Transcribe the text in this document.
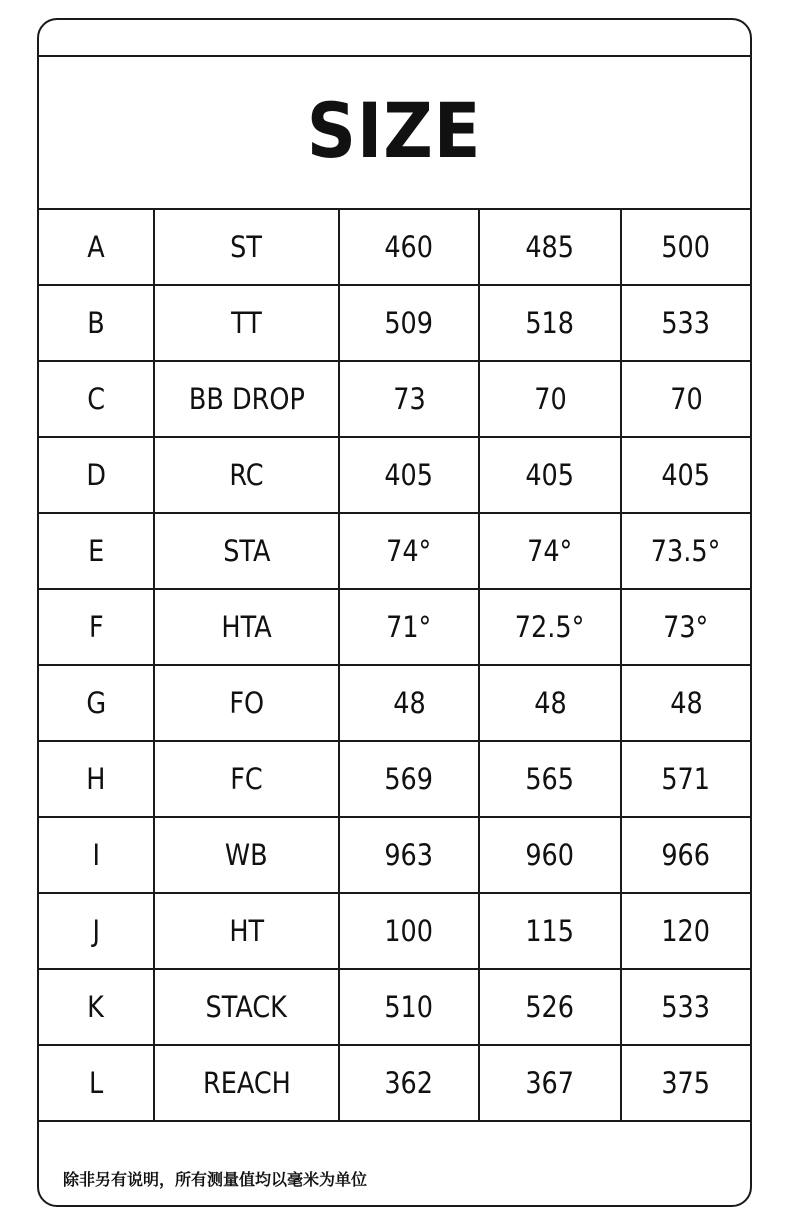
SIZE
A	ST	460	485	500
B	TT	509	518	533
C	BB DROP	73	70	70
D	RC	405	405	405
E	STA	74°	74°	73.5°
F	HTA	71°	72.5°	73°
G	FO	48	48	48
H	FC	569	565	571
I	WB	963	960	966
J	HT	100	115	120
K	STACK	510	526	533
L	REACH	362	367	375
除非另有说明，所有测量值均以毫米为单位
